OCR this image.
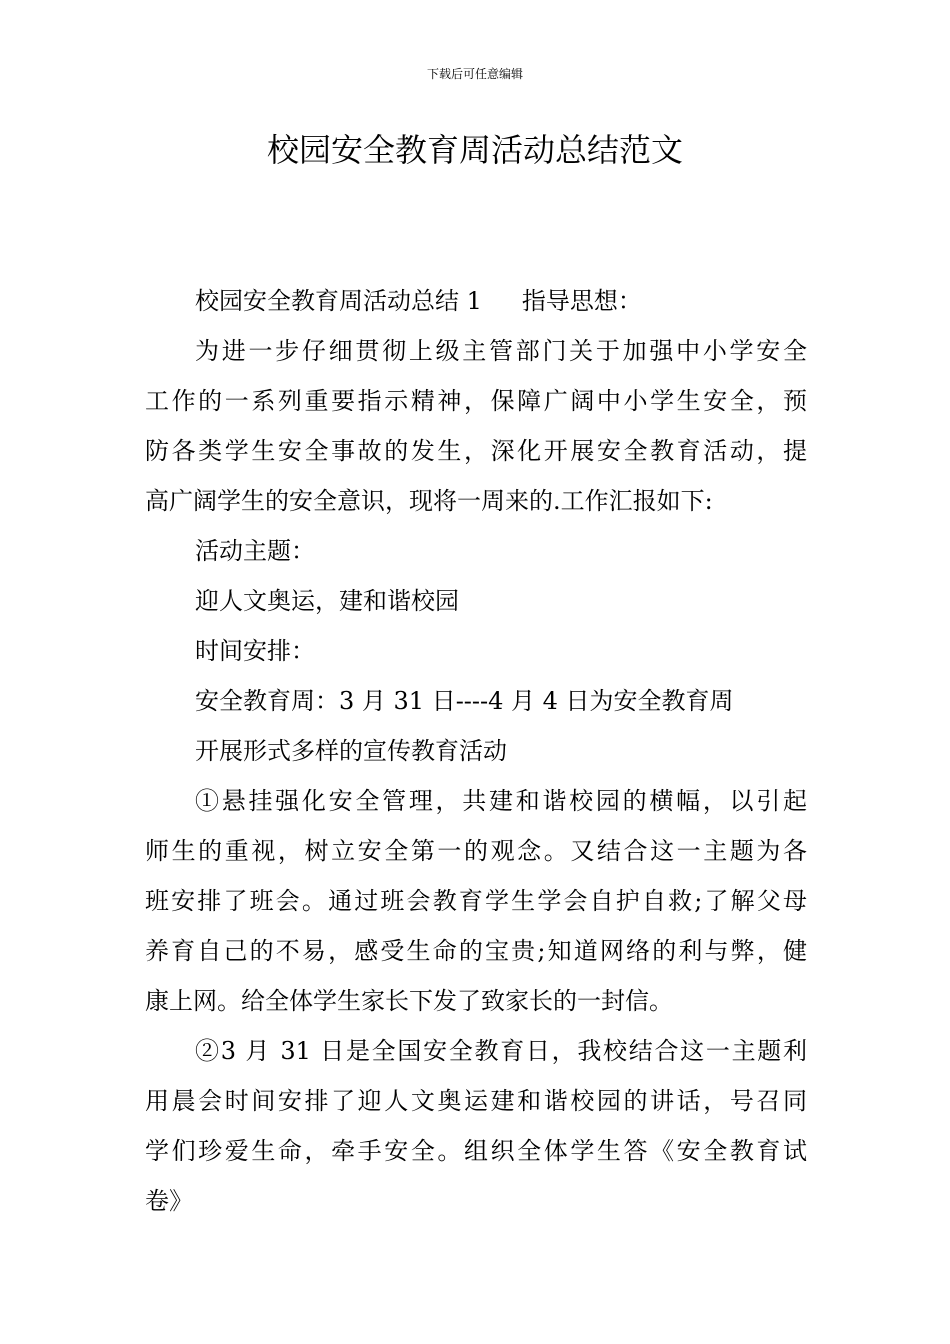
下载后可任意编辑
校园安全教育周活动总结范文
校园安全教育周活动总结 1 指导思想：
为进一步仔细贯彻上级主管部门关于加强中小学安全
工作的一系列重要指示精神，保障广阔中小学生安全，预
防各类学生安全事故的发生，深化开展安全教育活动，提
高广阔学生的安全意识，现将一周来的.工作汇报如下:
活动主题：
迎人文奥运，建和谐校园
时间安排：
安全教育周：3 月 31 日----4 月 4 日为安全教育周
开展形式多样的宣传教育活动
①悬挂强化安全管理，共建和谐校园的横幅，以引起
师生的重视，树立安全第一的观念。又结合这一主题为各
班安排了班会。通过班会教育学生学会自护自救;了解父母
养育自己的不易，感受生命的宝贵;知道网络的利与弊，健
康上网。给全体学生家长下发了致家长的一封信。
②3 月 31 日是全国安全教育日，我校结合这一主题利
用晨会时间安排了迎人文奥运建和谐校园的讲话，号召同
学们珍爱生命，牵手安全。组织全体学生答《安全教育试
卷》
